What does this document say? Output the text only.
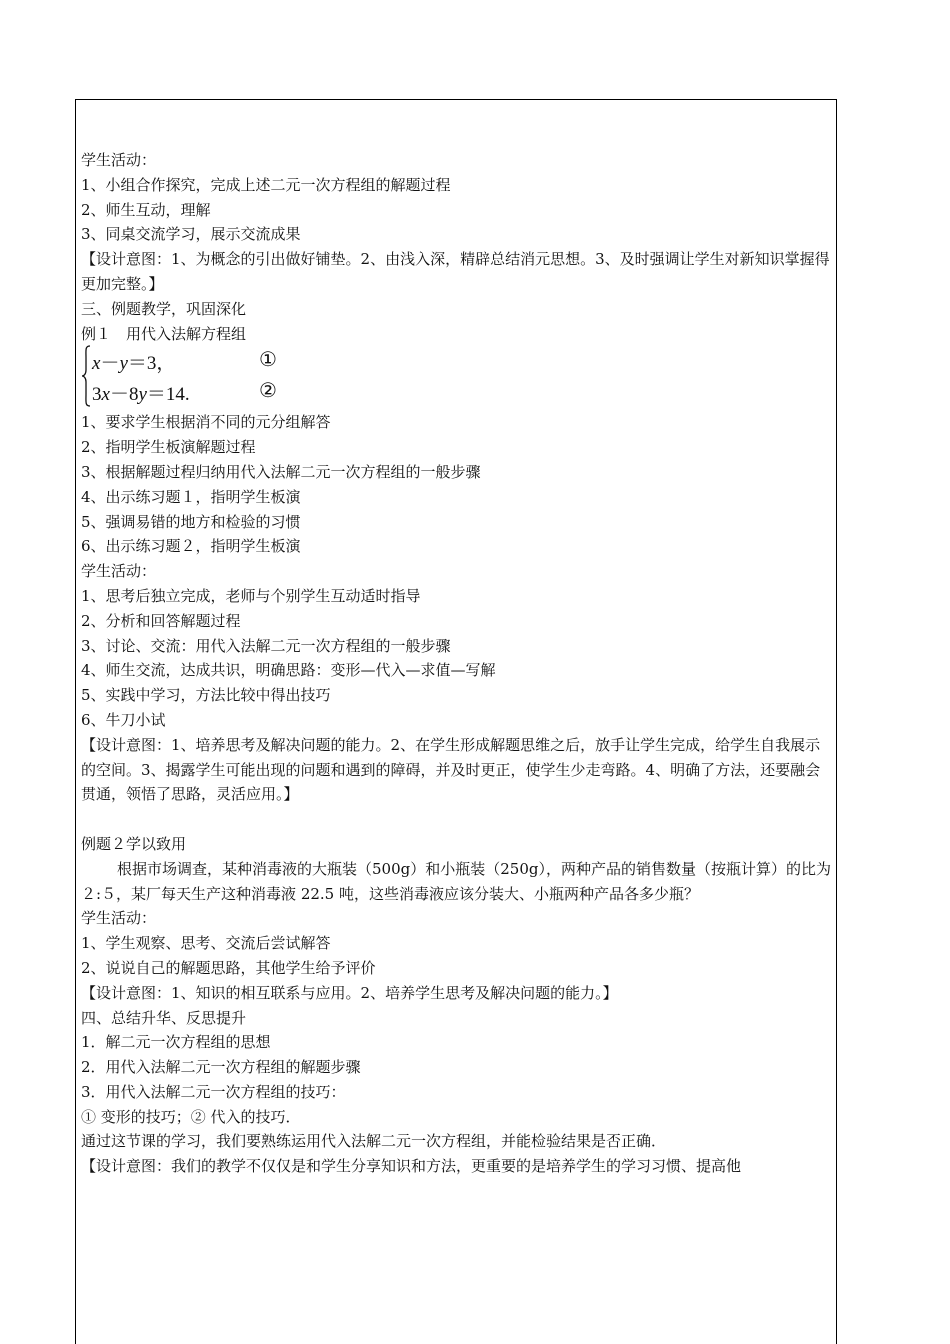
学生活动：

1、小组合作探究，完成上述二元一次方程组的解题过程

2、师生互动，理解

3、同桌交流学习，展示交流成果

【设计意图：1、为概念的引出做好铺垫。2、由浅入深，精辟总结消元思想。3、及时强调让学生对新知识掌握得更加完整。】

三、例题教学，巩固深化

例１　用代入法解方程组

x－y＝3，	①
3x－8y＝14.	②

1、要求学生根据消不同的元分组解答

2、指明学生板演解题过程

3、根据解题过程归纳用代入法解二元一次方程组的一般步骤

4、出示练习题１，指明学生板演

5、强调易错的地方和检验的习惯

6、出示练习题２，指明学生板演

学生活动：

1、思考后独立完成，老师与个别学生互动适时指导

2、分析和回答解题过程

3、讨论、交流：用代入法解二元一次方程组的一般步骤

4、师生交流，达成共识，明确思路：变形—代入—求值—写解

5、实践中学习，方法比较中得出技巧

6、牛刀小试

【设计意图：1、培养思考及解决问题的能力。2、在学生形成解题思维之后，放手让学生完成，给学生自我展示的空间。3、揭露学生可能出现的问题和遇到的障碍，并及时更正，使学生少走弯路。4、明确了方法，还要融会贯通，领悟了思路，灵活应用。】

例题２学以致用

根据市场调查，某种消毒液的大瓶装（500g）和小瓶装（250g），两种产品的销售数量（按瓶计算）的比为２:５，某厂每天生产这种消毒液 22.5 吨，这些消毒液应该分装大、小瓶两种产品各多少瓶？

学生活动：

1、学生观察、思考、交流后尝试解答

2、说说自己的解题思路，其他学生给予评价

【设计意图：1、知识的相互联系与应用。2、培养学生思考及解决问题的能力。】

四、总结升华、反思提升

1．解二元一次方程组的思想

2．用代入法解二元一次方程组的解题步骤

3．用代入法解二元一次方程组的技巧：

① 变形的技巧；② 代入的技巧．

通过这节课的学习，我们要熟练运用代入法解二元一次方程组，并能检验结果是否正确．

【设计意图：我们的教学不仅仅是和学生分享知识和方法，更重要的是培养学生的学习习惯、提高他
